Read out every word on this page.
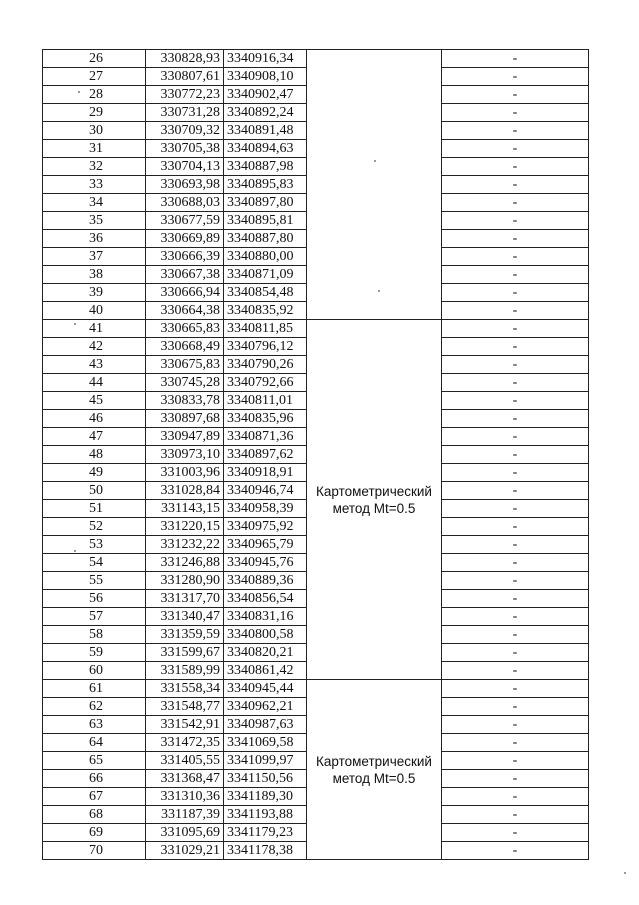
26	330828,93	3340916,34		-
27	330807,61	3340908,10		-
28	330772,23	3340902,47		-
29	330731,28	3340892,24		-
30	330709,32	3340891,48		-
31	330705,38	3340894,63		-
32	330704,13	3340887,98		-
33	330693,98	3340895,83		-
34	330688,03	3340897,80		-
35	330677,59	3340895,81		-
36	330669,89	3340887,80		-
37	330666,39	3340880,00		-
38	330667,38	3340871,09		-
39	330666,94	3340854,48		-
40	330664,38	3340835,92		-
41	330665,83	3340811,85	Картометрический
метод Mt=0.5	-
42	330668,49	3340796,12		-
43	330675,83	3340790,26		-
44	330745,28	3340792,66		-
45	330833,78	3340811,01		-
46	330897,68	3340835,96		-
47	330947,89	3340871,36		-
48	330973,10	3340897,62		-
49	331003,96	3340918,91		-
50	331028,84	3340946,74		-
51	331143,15	3340958,39		-
52	331220,15	3340975,92		-
53	331232,22	3340965,79		-
54	331246,88	3340945,76		-
55	331280,90	3340889,36		-
56	331317,70	3340856,54		-
57	331340,47	3340831,16		-
58	331359,59	3340800,58		-
59	331599,67	3340820,21		-
60	331589,99	3340861,42		-
61	331558,34	3340945,44	Картометрический
метод Mt=0.5	-
62	331548,77	3340962,21		-
63	331542,91	3340987,63		-
64	331472,35	3341069,58		-
65	331405,55	3341099,97		-
66	331368,47	3341150,56		-
67	331310,36	3341189,30		-
68	331187,39	3341193,88		-
69	331095,69	3341179,23		-
70	331029,21	3341178,38		-
